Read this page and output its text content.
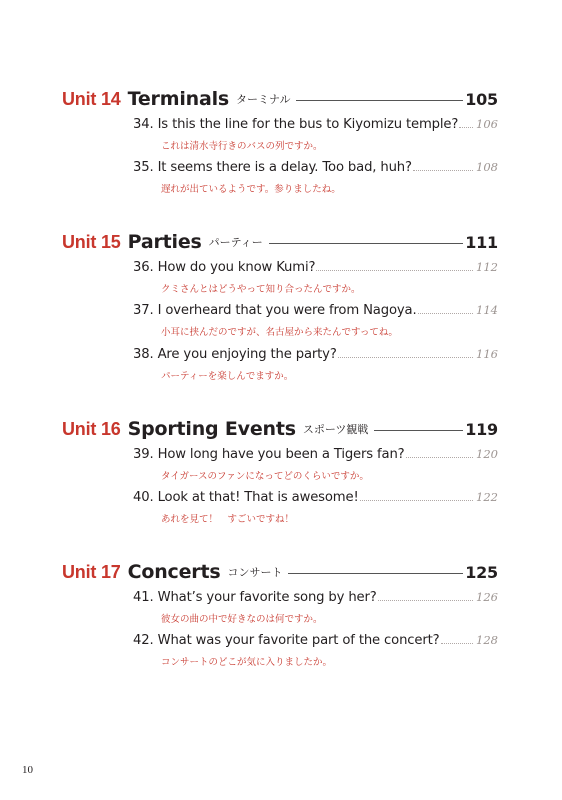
Unit 14 Terminals ターミナル	105
34. Is this the line for the bus to Kiyomizu temple? 106
これは清水寺行きのバスの列ですか。
35. It seems there is a delay. Too bad, huh?	108
遅れが出ているようです。参りましたね。
Unit 15 Parties パーティー	111
36. How do you know Kumi?	112
クミさんとはどうやって知り合ったんですか。
37. I overheard that you were from Nagoya.	114
小耳に挟んだのですが、名古屋から来たんですってね。
38. Are you enjoying the party?	116
パーティーを楽しんでますか。
Unit 16 Sporting Events スポーツ観戦	119
39. How long have you been a Tigers fan?	120
タイガースのファンになってどのくらいですか。
40. Look at that! That is awesome!	122
あれを見て！　すごいですね！
Unit 17 Concerts コンサート	125
41. What’s your favorite song by her?	126
彼女の曲の中で好きなのは何ですか。
42. What was your favorite part of the concert?	128
コンサートのどこが気に入りましたか。
10
